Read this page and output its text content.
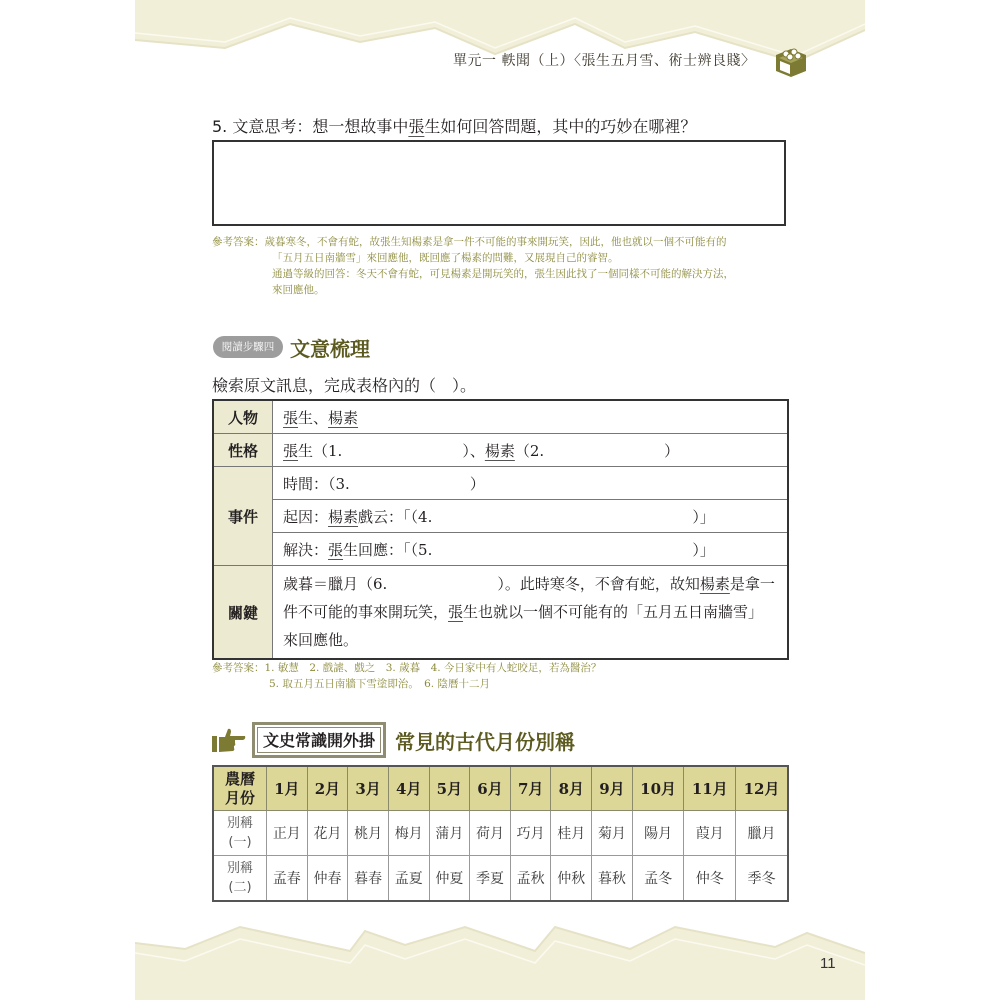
單元一 軼聞（上）〈張生五月雪、術士辨良賤〉
5. 文意思考：想一想故事中張生如何回答問題，其中的巧妙在哪裡？
參考答案：歲暮寒冬，不會有蛇，故張生知楊素是拿一件不可能的事來開玩笑，因此，他也就以一個不可能有的
「五月五日南牆雪」來回應他，既回應了楊素的問難，又展現自己的睿智。
通過等級的回答：冬天不會有蛇，可見楊素是開玩笑的，張生因此找了一個同樣不可能的解決方法，
來回應他。
閱讀步驟四 文意梳理
檢索原文訊息，完成表格內的（　）。
人物	張生、楊素
性格	張生（1. ）、楊素（2. ）
事件	時間：（3. ）
	起因：楊素戲云：「（4. ）」
	解決：張生回應：「（5. ）」
關鍵	歲暮＝臘月（6. ）。此時寒冬，不會有蛇，故知楊素是拿一件不可能的事來開玩笑，張生也就以一個不可能有的「五月五日南牆雪」來回應他。
參考答案：1. 敏慧　2. 戲謔、戲之　3. 歲暮　4. 今日家中有人蛇咬足，若為醫治？
5. 取五月五日南牆下雪塗即治。　6. 陰曆十二月
文史常識開外掛	常見的古代月份別稱
農曆
月份	1月	2月	3月	4月	5月	6月	7月	8月	9月	10月	11月	12月
別稱
(一)	正月	花月	桃月	梅月	蒲月	荷月	巧月	桂月	菊月	陽月	葭月	臘月
別稱
(二)	孟春	仲春	暮春	孟夏	仲夏	季夏	孟秋	仲秋	暮秋	孟冬	仲冬	季冬
11
